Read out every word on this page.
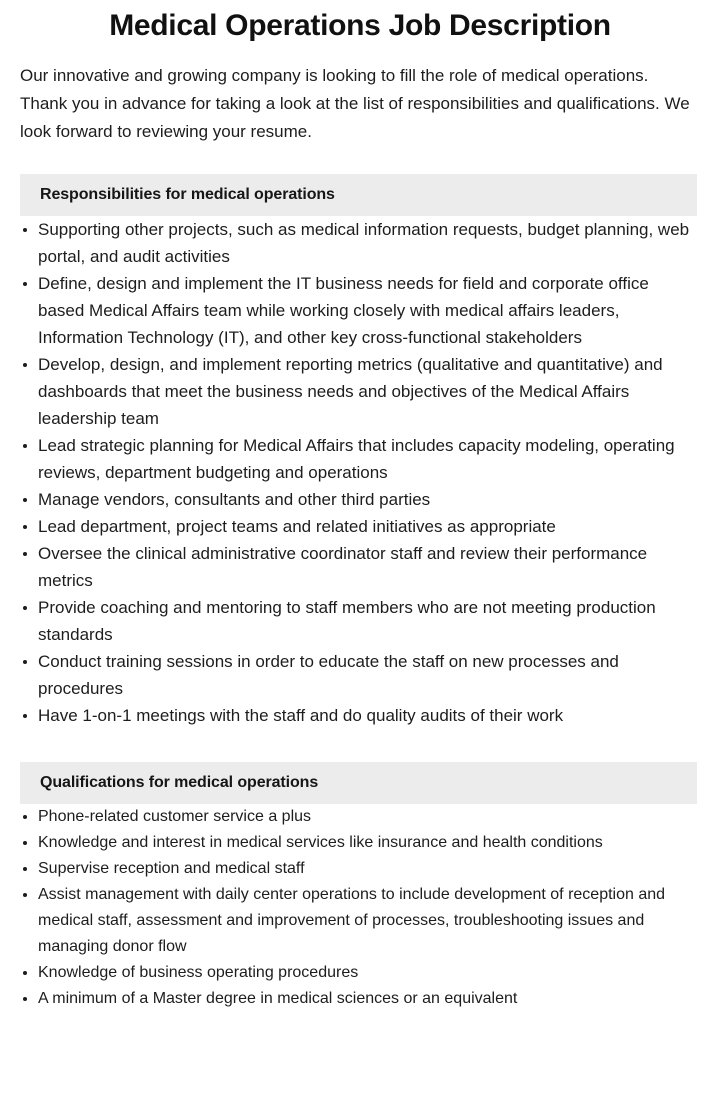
Medical Operations Job Description

Our innovative and growing company is looking to fill the role of medical operations. Thank you in advance for taking a look at the list of responsibilities and qualifications. We look forward to reviewing your resume.

Responsibilities for medical operations
Supporting other projects, such as medical information requests, budget planning, web portal, and audit activities
Define, design and implement the IT business needs for field and corporate office based Medical Affairs team while working closely with medical affairs leaders, Information Technology (IT), and other key cross-functional stakeholders
Develop, design, and implement reporting metrics (qualitative and quantitative) and dashboards that meet the business needs and objectives of the Medical Affairs leadership team
Lead strategic planning for Medical Affairs that includes capacity modeling, operating reviews, department budgeting and operations
Manage vendors, consultants and other third parties
Lead department, project teams and related initiatives as appropriate
Oversee the clinical administrative coordinator staff and review their performance metrics
Provide coaching and mentoring to staff members who are not meeting production standards
Conduct training sessions in order to educate the staff on new processes and procedures
Have 1-on-1 meetings with the staff and do quality audits of their work
Qualifications for medical operations
Phone-related customer service a plus
Knowledge and interest in medical services like insurance and health conditions
Supervise reception and medical staff
Assist management with daily center operations to include development of reception and medical staff, assessment and improvement of processes, troubleshooting issues and managing donor flow
Knowledge of business operating procedures
A minimum of a Master degree in medical sciences or an equivalent
